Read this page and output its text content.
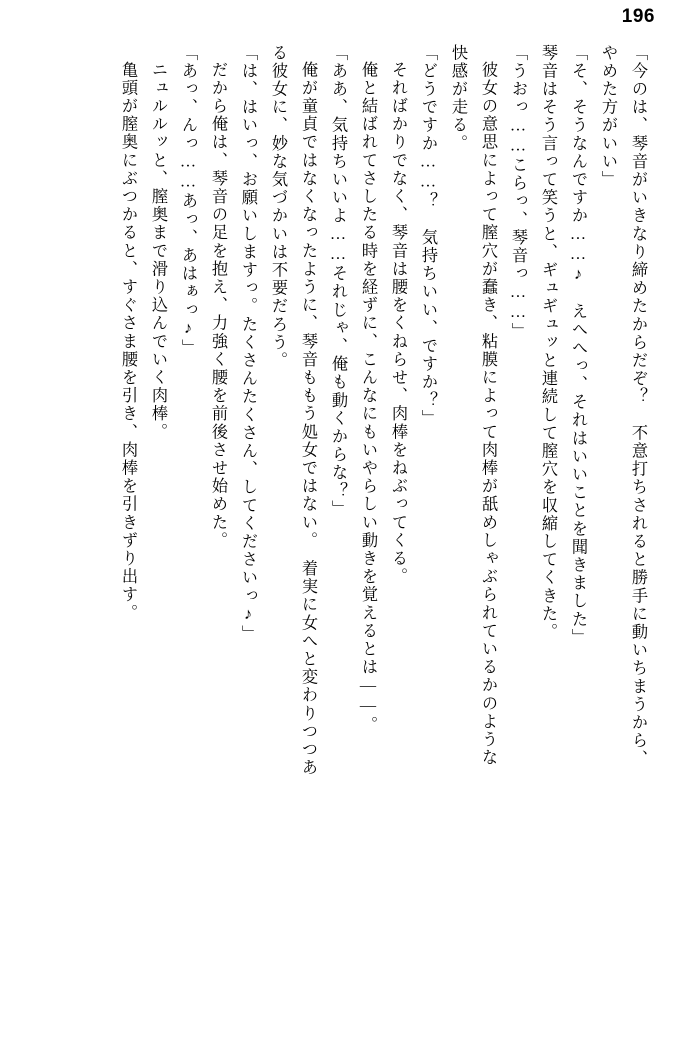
196
「今のは、琴音がいきなり締めたからだぞ？　不意打ちされると勝手に動いちまうから、
やめた方がいい」
「そ、そうなんですか……♪　えへへっ、それはいいことを聞きました」
琴音はそう言って笑うと、ギュギュッと連続して膣穴を収縮してくきた。
「うおっ……こらっ、琴音っ……」
彼女の意思によって膣穴が蠢き、粘膜によって肉棒が舐めしゃぶられているかのような
快感が走る。
「どうですか……？　気持ちいい、ですか？」
そればかりでなく、琴音は腰をくねらせ、肉棒をねぶってくる。
俺と結ばれてさしたる時を経ずに、こんなにもいやらしい動きを覚えるとは――。
「ああ、気持ちいいよ……それじゃ、俺も動くからな？」
俺が童貞ではなくなったように、琴音ももう処女ではない。　着実に女へと変わりつつあ
る彼女に、妙な気づかいは不要だろう。
「は、はいっ、お願いしますっ。たくさんたくさん、してくださいっ♪」
だから俺は、琴音の足を抱え、力強く腰を前後させ始めた。
「あっ、んっ……あっ、あはぁっ♪」
ニュルルッと、膣奥まで滑り込んでいく肉棒。
亀頭が膣奥にぶつかると、すぐさま腰を引き、肉棒を引きずり出す。
